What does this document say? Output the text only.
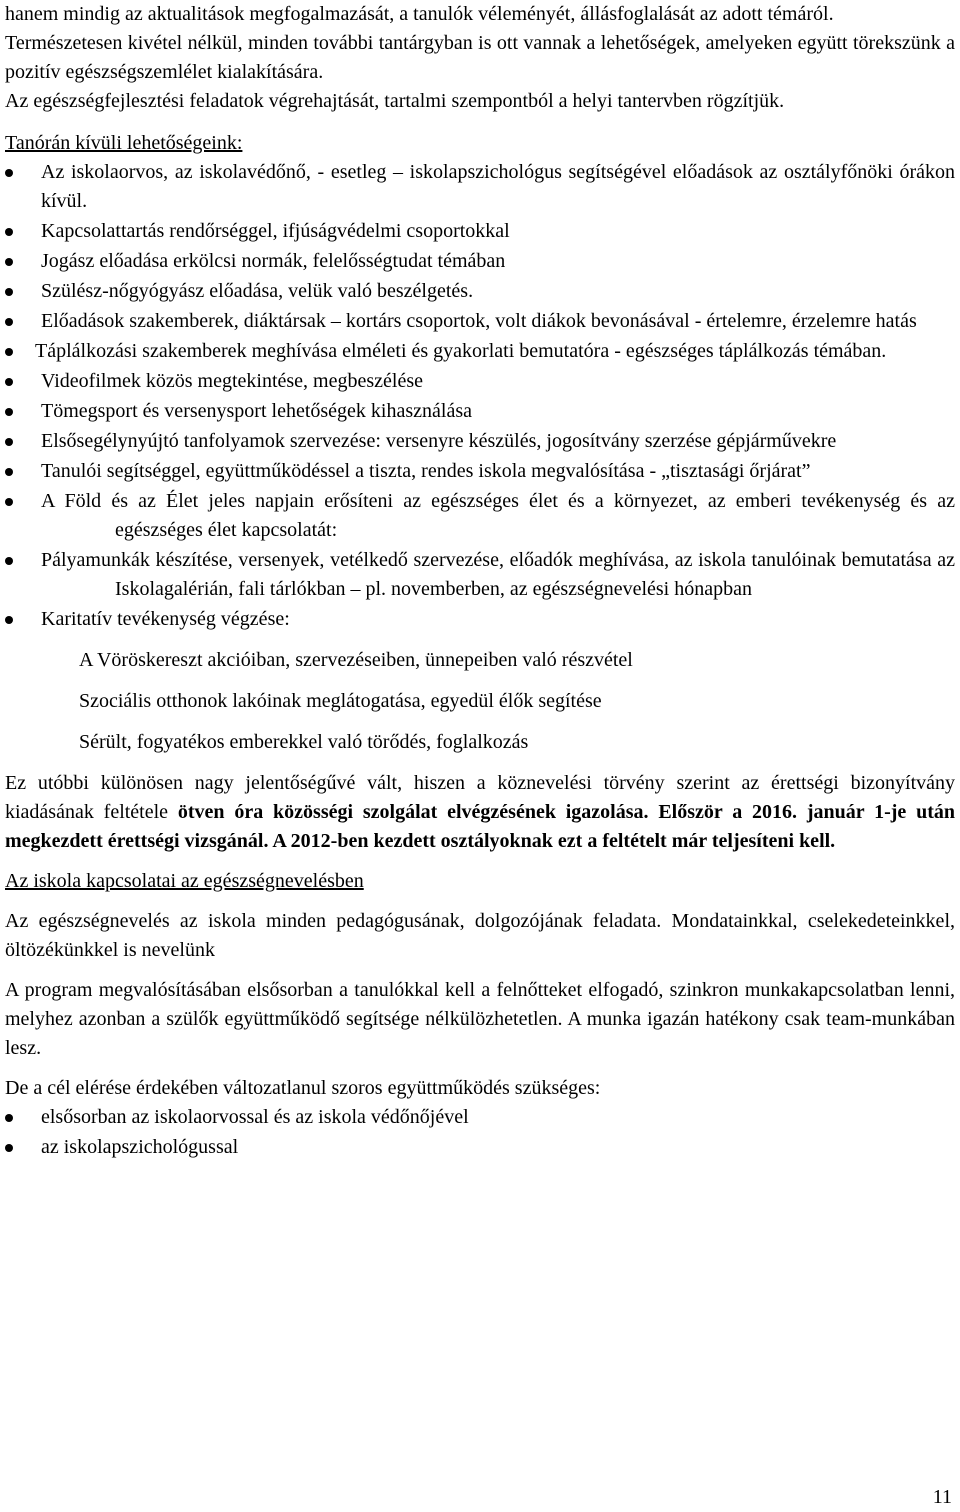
hanem mindig az aktualitások megfogalmazását, a tanulók véleményét, állásfoglalását az adott témáról.

Természetesen kivétel nélkül, minden további tantárgyban is ott vannak a lehetőségek, amelyeken együtt törekszünk a pozitív egészségszemlélet kialakítására.

Az egészségfejlesztési feladatok végrehajtását, tartalmi szempontból a helyi tantervben rögzítjük.

Tanórán kívüli lehetőségeink:

Az iskolaorvos, az iskolavédőnő, - esetleg – iskolapszichológus segítségével előadások az osztályfőnöki órákon kívül.
Kapcsolattartás rendőrséggel, ifjúságvédelmi csoportokkal
Jogász előadása erkölcsi normák, felelősségtudat témában
Szülész-nőgyógyász előadása, velük való beszélgetés.
Előadások szakemberek, diáktársak – kortárs csoportok, volt diákok bevonásával - értelemre, érzelemre hatás
Táplálkozási szakemberek meghívása elméleti és gyakorlati bemutatóra - egészséges táplálkozás témában.
Videofilmek közös megtekintése, megbeszélése
Tömegsport és versenysport lehetőségek kihasználása
Elsősegélynyújtó tanfolyamok szervezése: versenyre készülés, jogosítvány szerzése gépjárművekre
Tanulói segítséggel, együttműködéssel a tiszta, rendes iskola megvalósítása - „tisztasági őrjárat”
A Föld és az Élet jeles napjain erősíteni az egészséges élet és a környezet, az emberi tevékenység és az egészséges élet kapcsolatát:
Pályamunkák készítése, versenyek, vetélkedő szervezése, előadók meghívása, az iskola tanulóinak bemutatása az Iskolagalérián, fali tárlókban – pl. novemberben, az egészségnevelési hónapban
Karitatív tevékenység végzése:
A Vöröskereszt akcióiban, szervezéseiben, ünnepeiben való részvétel
Szociális otthonok lakóinak meglátogatása, egyedül élők segítése
Sérült, fogyatékos emberekkel való törődés, foglalkozás

Ez utóbbi különösen nagy jelentőségűvé vált, hiszen a köznevelési törvény szerint az érettségi bizonyítvány kiadásának feltétele ötven óra közösségi szolgálat elvégzésének igazolása. Először a 2016. január 1-je után megkezdett érettségi vizsgánál. A 2012-ben kezdett osztályoknak ezt a feltételt már teljesíteni kell.

Az iskola kapcsolatai az egészségnevelésben

Az egészségnevelés az iskola minden pedagógusának, dolgozójának feladata. Mondatainkkal, cselekedeteinkkel, öltözékünkkel is nevelünk

A program megvalósításában elsősorban a tanulókkal kell a felnőtteket elfogadó, szinkron munkakapcsolatban lenni, melyhez azonban a szülők együttműködő segítsége nélkülözhetetlen. A munka igazán hatékony csak team-munkában lesz.

De a cél elérése érdekében változatlanul szoros együttműködés szükséges:

elsősorban az iskolaorvossal és az iskola védőnőjével
az iskolapszichológussal
11
